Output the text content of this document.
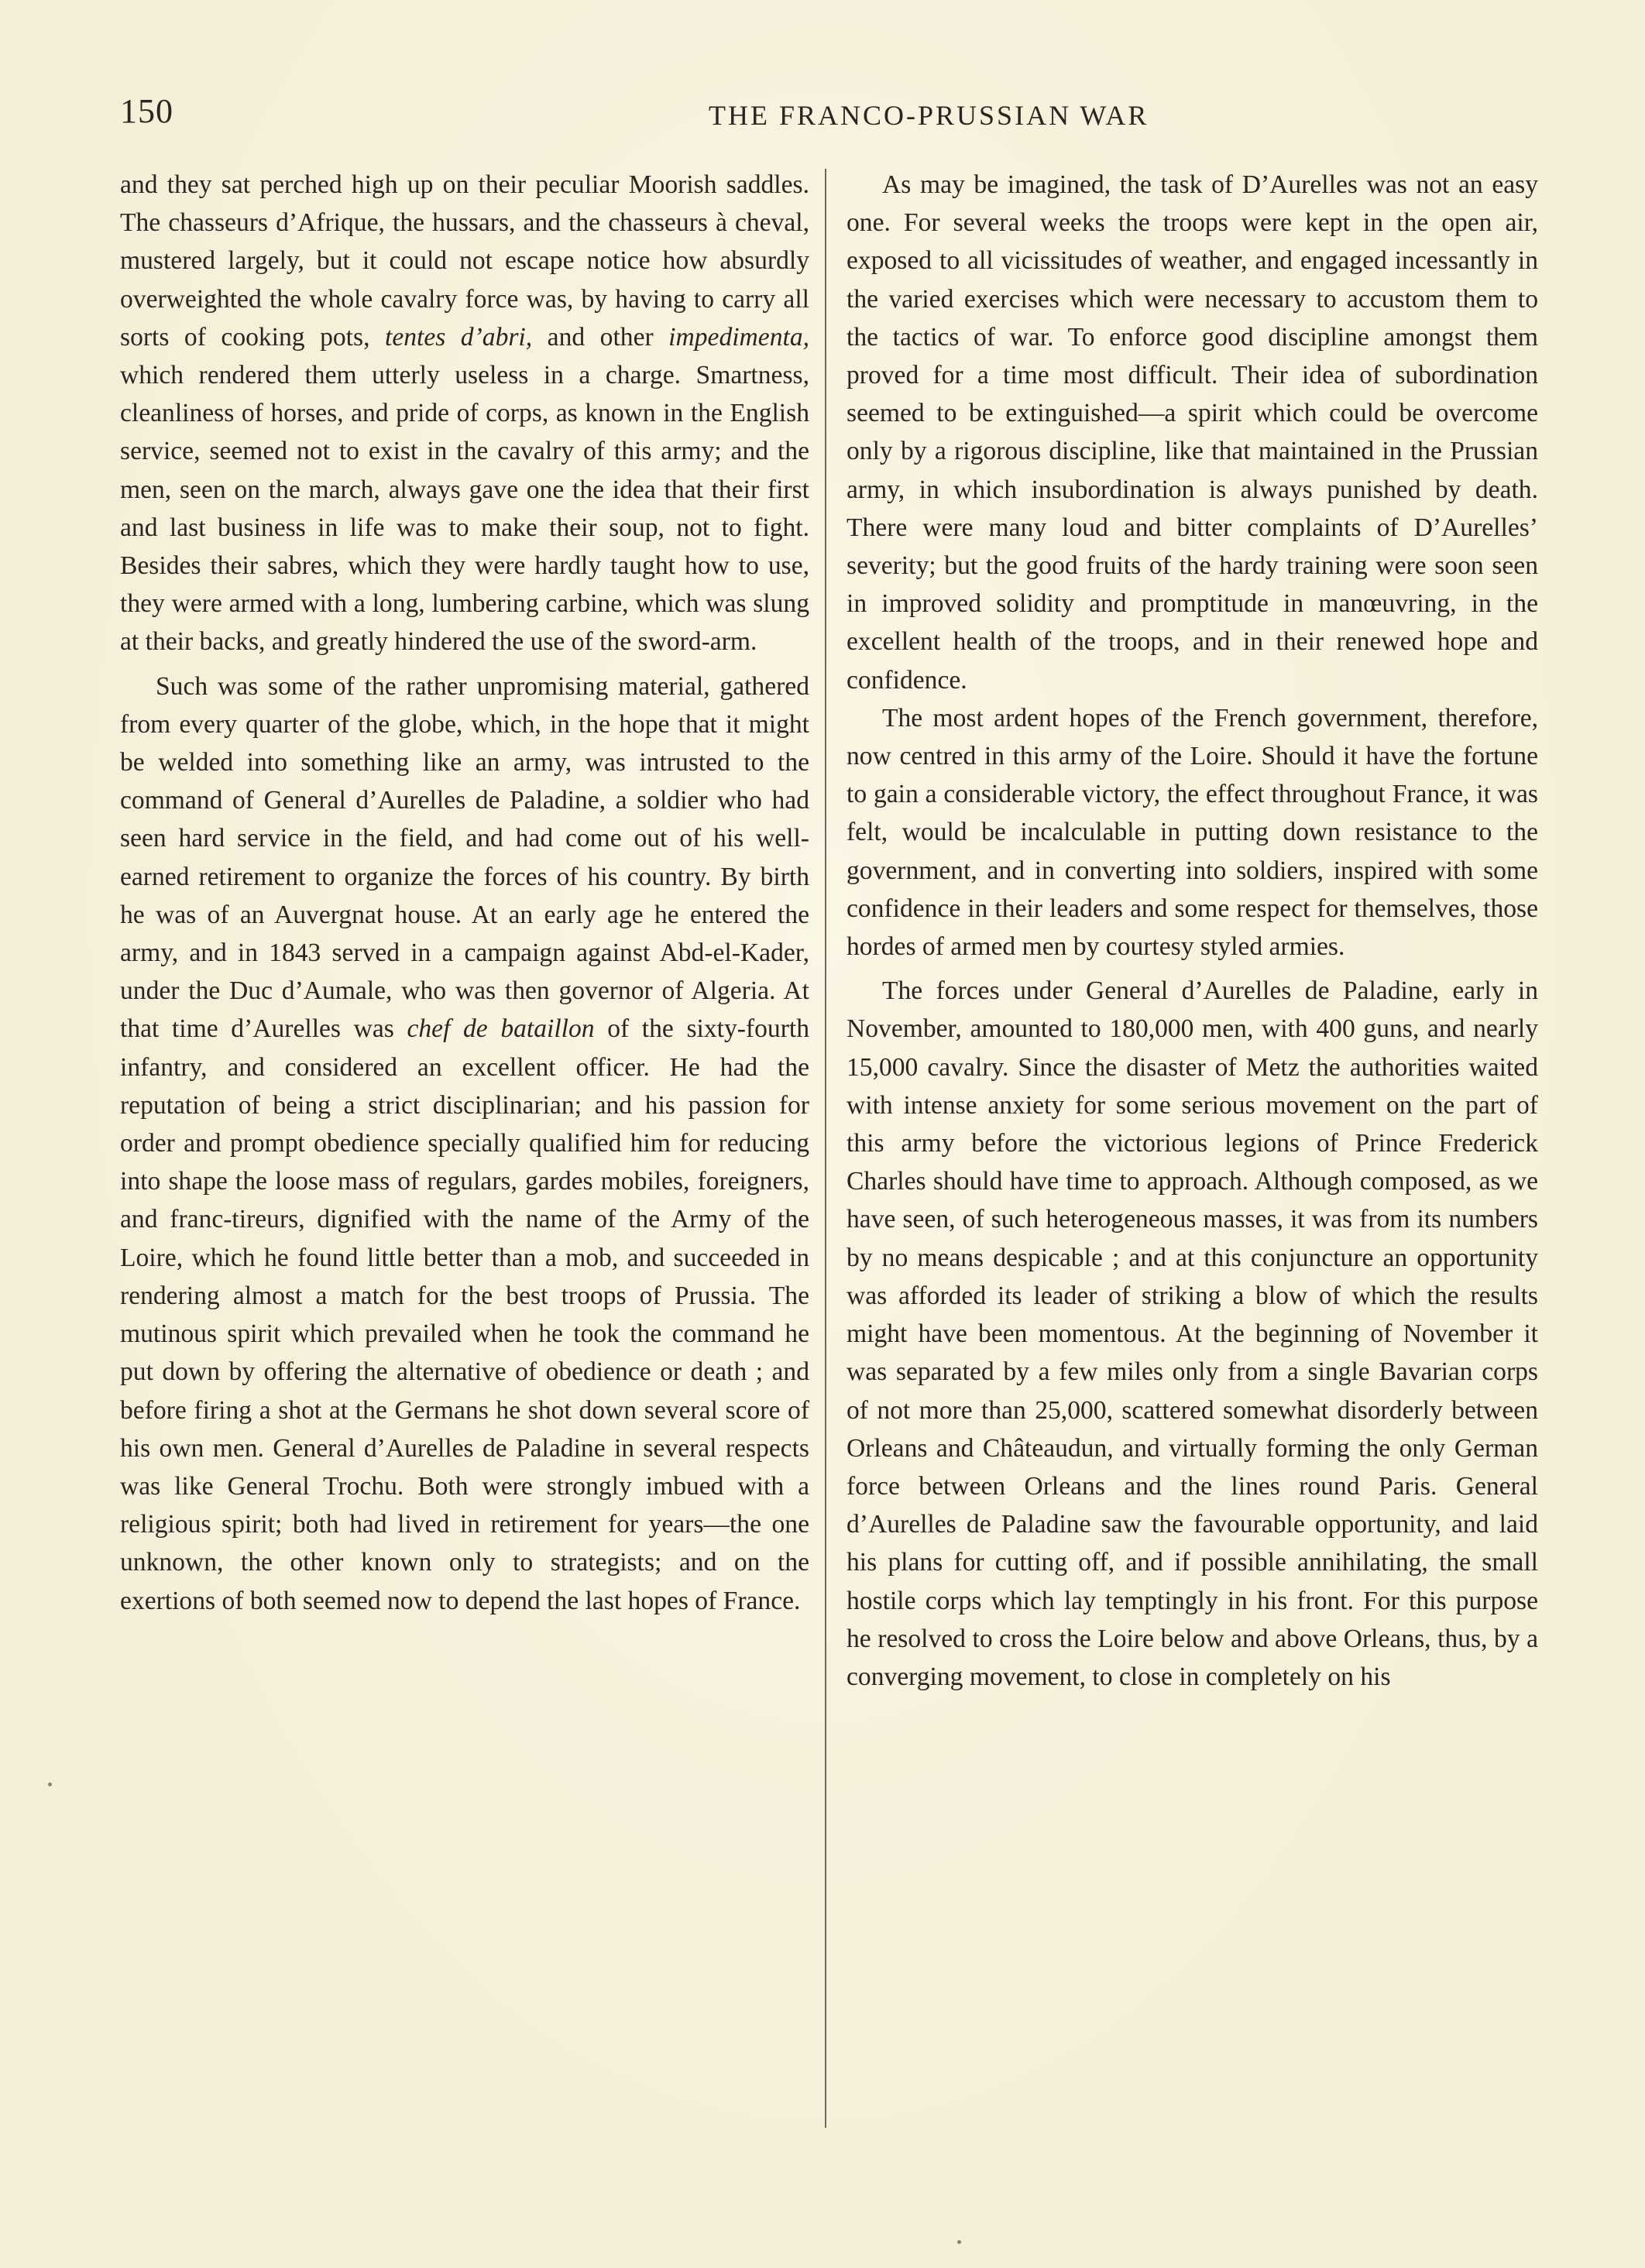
150	THE FRANCO-PRUSSIAN WAR

and they sat perched high up on their peculiar Moorish saddles. The chasseurs d’Afrique, the hussars, and the chasseurs à cheval, mustered largely, but it could not escape notice how absurdly overweighted the whole cavalry force was, by having to carry all sorts of cooking pots, tentes d’abri, and other impedimenta, which rendered them utterly useless in a charge. Smartness, cleanliness of horses, and pride of corps, as known in the English service, seemed not to exist in the cavalry of this army; and the men, seen on the march, always gave one the idea that their first and last business in life was to make their soup, not to fight. Besides their sabres, which they were hardly taught how to use, they were armed with a long, lumbering carbine, which was slung at their backs, and greatly hindered the use of the sword-arm.

Such was some of the rather unpromising material, gathered from every quarter of the globe, which, in the hope that it might be welded into something like an army, was intrusted to the command of General d’Aurelles de Paladine, a soldier who had seen hard service in the field, and had come out of his well-earned retirement to organize the forces of his country. By birth he was of an Auvergnat house. At an early age he entered the army, and in 1843 served in a campaign against Abd-el-Kader, under the Duc d’Aumale, who was then governor of Algeria. At that time d’Aurelles was chef de bataillon of the sixty-fourth infantry, and considered an excellent officer. He had the reputation of being a strict disciplinarian; and his passion for order and prompt obedience specially qualified him for reducing into shape the loose mass of regulars, gardes mobiles, foreigners, and franc-tireurs, dignified with the name of the Army of the Loire, which he found little better than a mob, and succeeded in rendering almost a match for the best troops of Prussia. The mutinous spirit which prevailed when he took the command he put down by offering the alternative of obedience or death ; and before firing a shot at the Germans he shot down several score of his own men. General d’Aurelles de Paladine in several respects was like General Trochu. Both were strongly imbued with a religious spirit; both had lived in retirement for years—the one unknown, the other known only to strategists; and on the exertions of both seemed now to depend the last hopes of France.

As may be imagined, the task of D’Aurelles was not an easy one. For several weeks the troops were kept in the open air, exposed to all vicissitudes of weather, and engaged incessantly in the varied exercises which were necessary to accustom them to the tactics of war. To enforce good discipline amongst them proved for a time most difficult. Their idea of subordination seemed to be extinguished—a spirit which could be overcome only by a rigorous discipline, like that maintained in the Prussian army, in which insubordination is always punished by death. There were many loud and bitter complaints of D’Aurelles’ severity; but the good fruits of the hardy training were soon seen in improved solidity and promptitude in manœuvring, in the excellent health of the troops, and in their renewed hope and confidence.

The most ardent hopes of the French government, therefore, now centred in this army of the Loire. Should it have the fortune to gain a considerable victory, the effect throughout France, it was felt, would be incalculable in putting down resistance to the government, and in converting into soldiers, inspired with some confidence in their leaders and some respect for themselves, those hordes of armed men by courtesy styled armies.

The forces under General d’Aurelles de Paladine, early in November, amounted to 180,000 men, with 400 guns, and nearly 15,000 cavalry. Since the disaster of Metz the authorities waited with intense anxiety for some serious movement on the part of this army before the victorious legions of Prince Frederick Charles should have time to approach. Although composed, as we have seen, of such heterogeneous masses, it was from its numbers by no means despicable ; and at this conjuncture an opportunity was afforded its leader of striking a blow of which the results might have been momentous. At the beginning of November it was separated by a few miles only from a single Bavarian corps of not more than 25,000, scattered somewhat disorderly between Orleans and Châteaudun, and virtually forming the only German force between Orleans and the lines round Paris. General d’Aurelles de Paladine saw the favourable opportunity, and laid his plans for cutting off, and if possible annihilating, the small hostile corps which lay temptingly in his front. For this purpose he resolved to cross the Loire below and above Orleans, thus, by a converging movement, to close in completely on his
